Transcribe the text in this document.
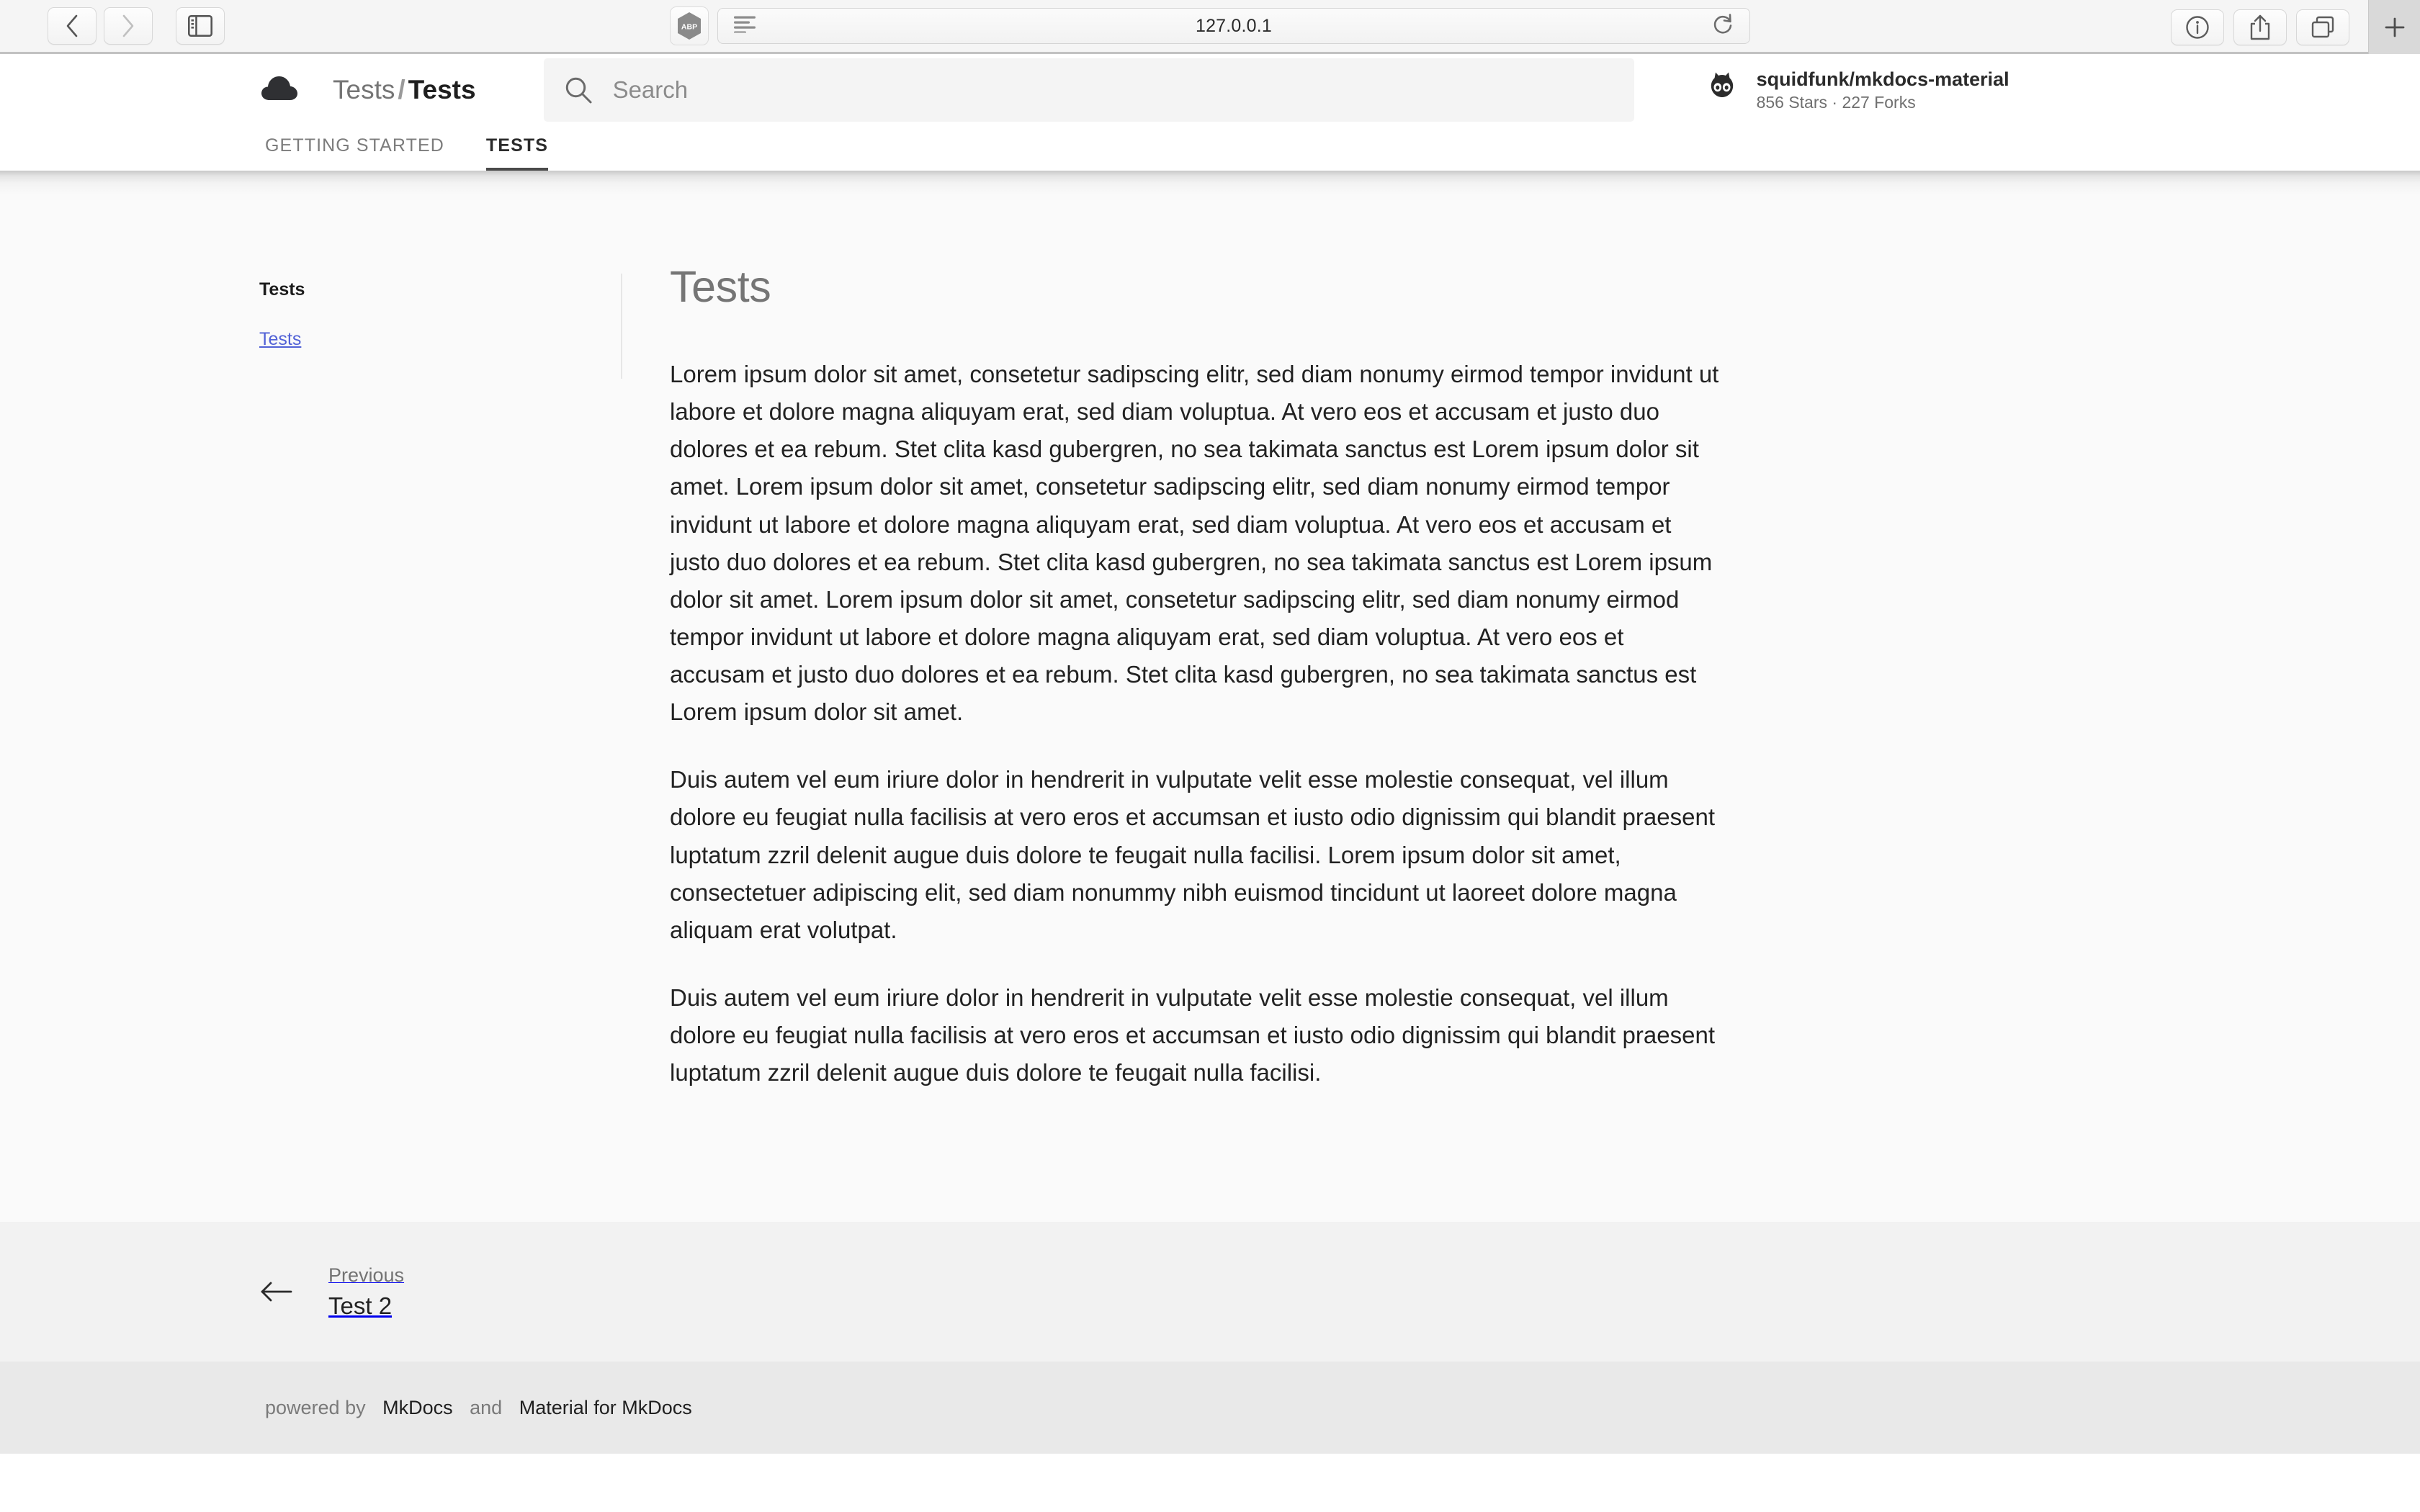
ABP	127.0.0.1
Tests / Tests
Search	squidfunk/mkdocs-material
856 Stars · 227 Forks
GETTING STARTED TESTS
Tests
Tests
Tests

Lorem ipsum dolor sit amet, consetetur sadipscing elitr, sed diam nonumy eirmod tempor invidunt ut labore et dolore magna aliquyam erat, sed diam voluptua. At vero eos et accusam et justo duo dolores et ea rebum. Stet clita kasd gubergren, no sea takimata sanctus est Lorem ipsum dolor sit amet. Lorem ipsum dolor sit amet, consetetur sadipscing elitr, sed diam nonumy eirmod tempor invidunt ut labore et dolore magna aliquyam erat, sed diam voluptua. At vero eos et accusam et justo duo dolores et ea rebum. Stet clita kasd gubergren, no sea takimata sanctus est Lorem ipsum dolor sit amet. Lorem ipsum dolor sit amet, consetetur sadipscing elitr, sed diam nonumy eirmod tempor invidunt ut labore et dolore magna aliquyam erat, sed diam voluptua. At vero eos et accusam et justo duo dolores et ea rebum. Stet clita kasd gubergren, no sea takimata sanctus est Lorem ipsum dolor sit amet.

Duis autem vel eum iriure dolor in hendrerit in vulputate velit esse molestie consequat, vel illum dolore eu feugiat nulla facilisis at vero eros et accumsan et iusto odio dignissim qui blandit praesent luptatum zzril delenit augue duis dolore te feugait nulla facilisi. Lorem ipsum dolor sit amet, consectetuer adipiscing elit, sed diam nonummy nibh euismod tincidunt ut laoreet dolore magna aliquam erat volutpat.

Duis autem vel eum iriure dolor in hendrerit in vulputate velit esse molestie consequat, vel illum dolore eu feugiat nulla facilisis at vero eros et accumsan et iusto odio dignissim qui blandit praesent luptatum zzril delenit augue duis dolore te feugait nulla facilisi.

Previous
Test 2
powered by
MkDocs
and
Material for MkDocs
